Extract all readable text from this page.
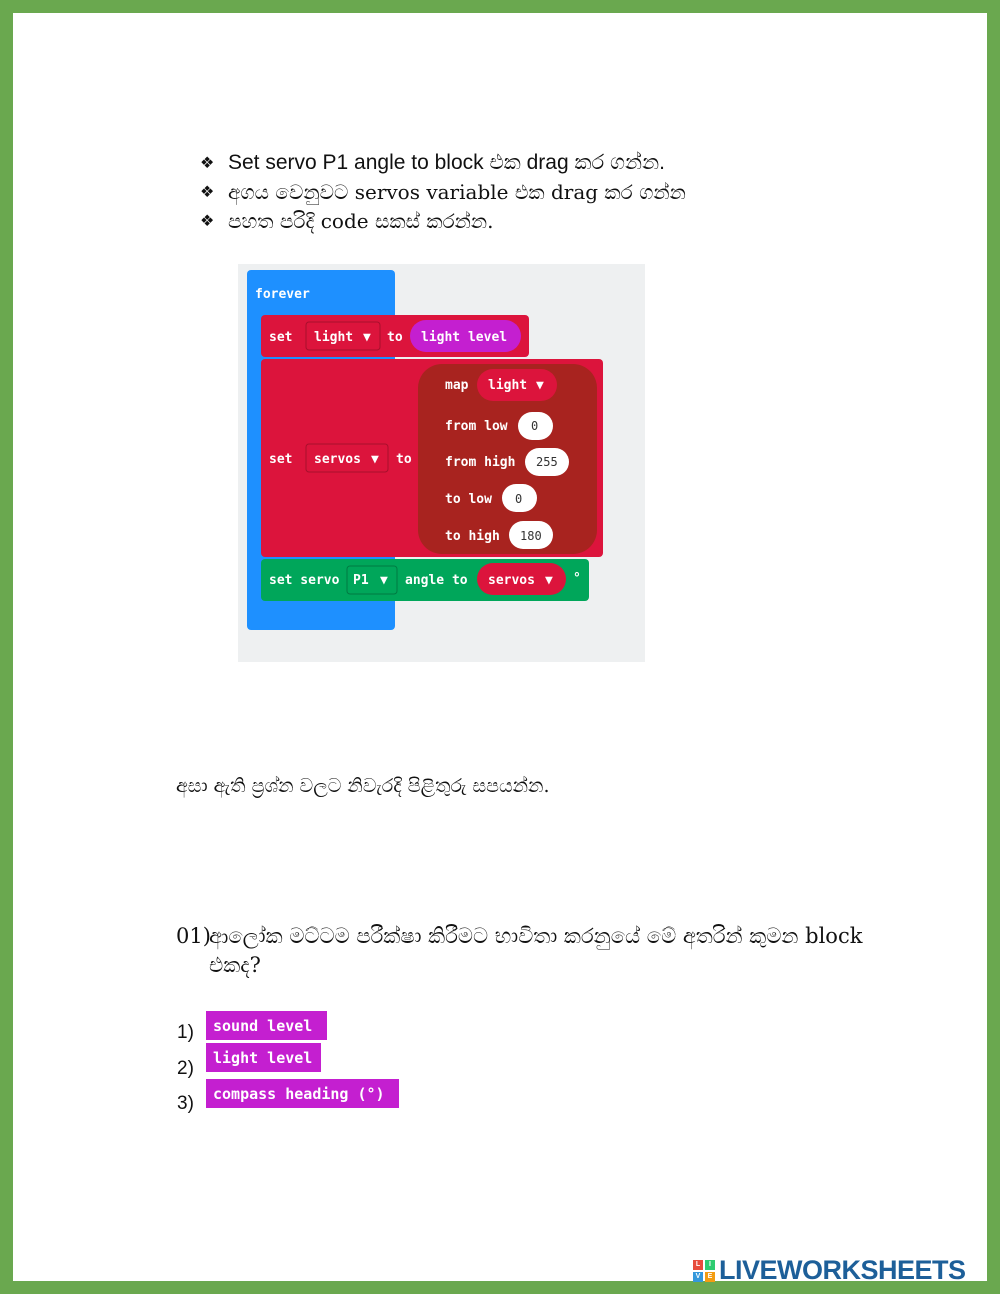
❖ Set servo P1 angle to block එක drag කර ගන්න.
❖ අගය වෙනුවට servos variable එක drag කර ගන්න
❖ පහත පරිදි code සකස් කරන්න.
forever
set light ▼ to light level
set servos ▼ to
map light ▼
from low 0
from high 255
to low 0
to high 180
set servo P1 ▼ angle to servos ▼ °
අසා ඇති ප්‍රශ්න වලට නිවැරදි පිළිතුරු සපයන්න.
01)ආලෝක මට්ටම පරීක්ෂා කිරීමට භාවිතා කරනුයේ මේ අතරින් කුමන block
එකද?
1)	sound level
2)
light level
3)	compass heading (°)
L	I
V	E LIVEWORKSHEETS
